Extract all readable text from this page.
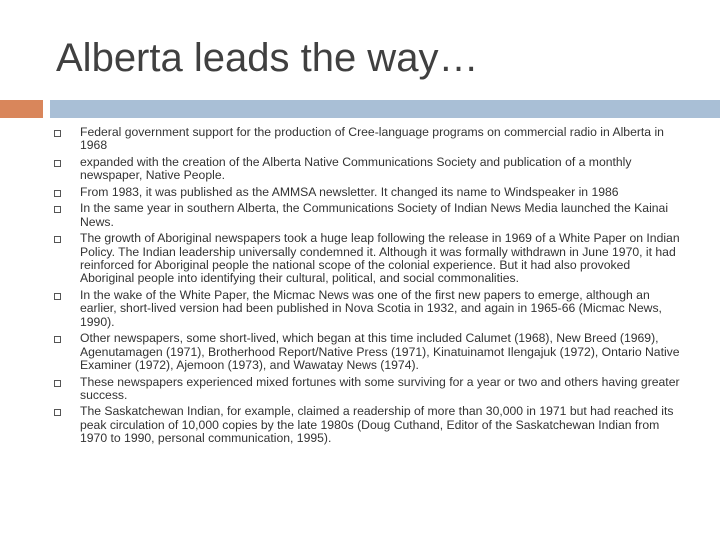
Alberta leads the way…
Federal government support for the production of Cree-language programs on commercial radio in Alberta in 1968
expanded with the creation of the Alberta Native Communications Society and publication of a monthly newspaper, Native People.
From 1983, it was published as the AMMSA newsletter. It changed its name to Windspeaker in 1986
In the same year in southern Alberta, the Communications Society of Indian News Media launched the Kainai News.
The growth of Aboriginal newspapers took a huge leap following the release in 1969 of a White Paper on Indian Policy. The Indian leadership universally condemned it. Although it was formally withdrawn in June 1970, it had reinforced for Aboriginal people the national scope of the colonial experience. But it had also provoked Aboriginal people into identifying their cultural, political, and social commonalities.
In the wake of the White Paper, the Micmac News was one of the first new papers to emerge, although an earlier, short-lived version had been published in Nova Scotia in 1932, and again in 1965-66 (Micmac News, 1990).
Other newspapers, some short-lived, which began at this time included Calumet (1968), New Breed (1969), Agenutamagen (1971), Brotherhood Report/Native Press (1971), Kinatuinamot Ilengajuk (1972), Ontario Native Examiner (1972), Ajemoon (1973), and Wawatay News (1974).
These newspapers experienced mixed fortunes with some surviving for a year or two and others having greater success.
The Saskatchewan Indian, for example, claimed a readership of more than 30,000 in 1971 but had reached its peak circulation of 10,000 copies by the late 1980s (Doug Cuthand, Editor of the Saskatchewan Indian from 1970 to 1990, personal communication, 1995).
